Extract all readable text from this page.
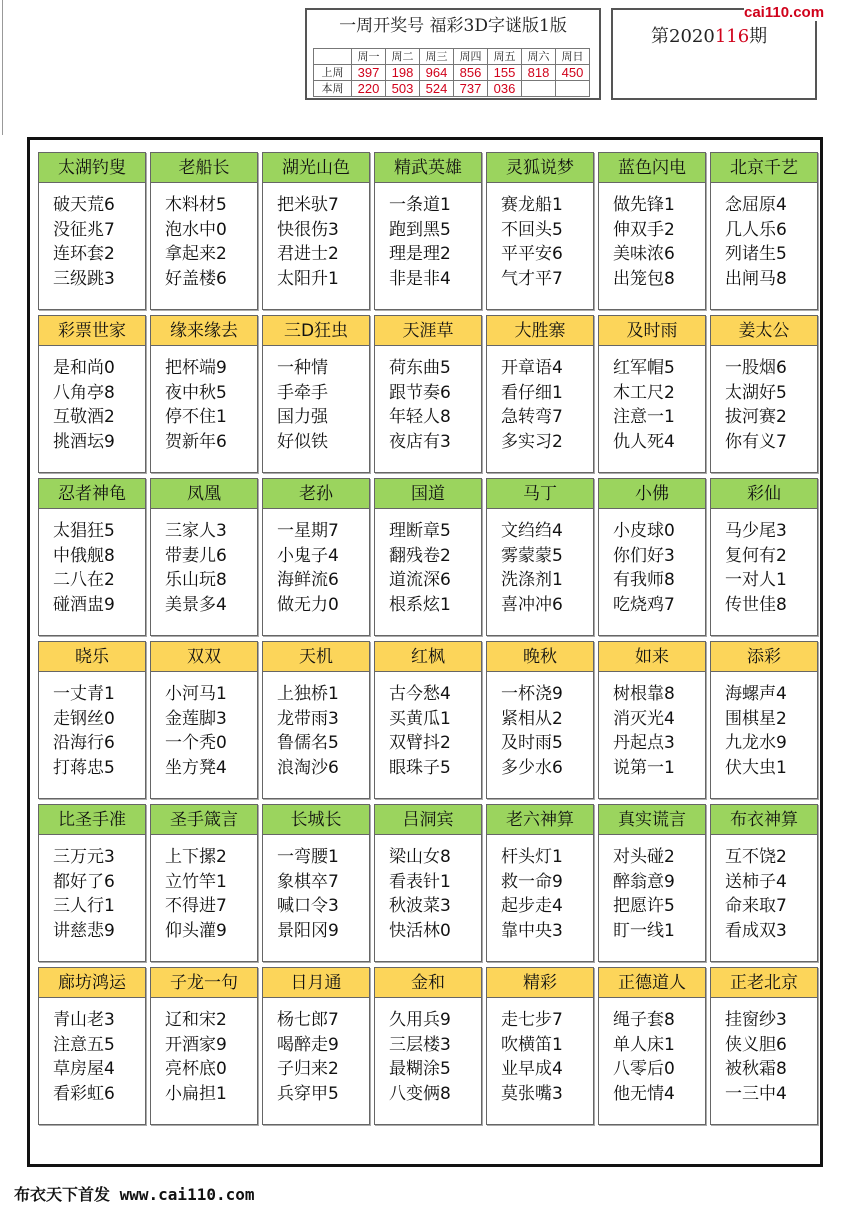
一周开奖号 福彩3D字谜版1版
周一	周二	周三	周四	周五	周六	周日
上周	397 198 964 856 155 818 450
本周	220 503 524 737 036
第2020116期
cai110.com
太湖钓叟
破天荒6
没征兆7
连环套2
三级跳3
老船长
木料材5
泡水中0
拿起来2
好盖楼6
湖光山色
把米驮7
快很伤3
君进士2
太阳升1
精武英雄
一条道1
跑到黑5
理是理2
非是非4
灵狐说梦
赛龙船1
不回头5
平平安6
气才平7
蓝色闪电
做先锋1
伸双手2
美味浓6
出笼包8
北京千艺
念屈原4
几人乐6
列诸生5
出闸马8
彩票世家
是和尚0
八角亭8
互敬酒2
挑酒坛9
缘来缘去
把杯端9
夜中秋5
停不住1
贺新年6
三D狂虫
一种情
手牵手
国力强
好似铁
天涯草
荷东曲5
跟节奏6
年轻人8
夜店有3
大胜寨
开章语4
看仔细1
急转弯7
多实习2
及时雨
红军帽5
木工尺2
注意一1
仇人死4
姜太公
一股烟6
太湖好5
拔河赛2
你有义7
忍者神龟
太猖狂5
中俄舰8
二八在2
碰酒盅9
凤凰
三家人3
带妻儿6
乐山玩8
美景多4
老孙
一星期7
小鬼子4
海鲜流6
做无力0
国道
理断章5
翻残卷2
道流深6
根系炫1
马丁
文绉绉4
雾蒙蒙5
洗涤剂1
喜冲冲6
小佛
小皮球0
你们好3
有我师8
吃烧鸡7
彩仙
马少尾3
复何有2
一对人1
传世佳8
晓乐
一丈青1
走钢丝0
沿海行6
打蒋忠5
双双
小河马1
金莲脚3
一个秃0
坐方凳4
天机
上独桥1
龙带雨3
鲁儒名5
浪淘沙6
红枫
古今愁4
买黄瓜1
双臂抖2
眼珠子5
晚秋
一杯浇9
紧相从2
及时雨5
多少水6
如来
树根靠8
消灭光4
丹起点3
说第一1
添彩
海螺声4
围棋星2
九龙水9
伏大虫1
比圣手准
三万元3
都好了6
三人行1
讲慈悲9
圣手箴言
上下摞2
立竹竿1
不得进7
仰头灌9
长城长
一弯腰1
象棋卒7
喊口令3
景阳冈9
吕洞宾
梁山女8
看表针1
秋波菜3
快活林0
老六神算
杆头灯1
救一命9
起步走4
靠中央3
真实谎言
对头碰2
醉翁意9
把愿许5
盯一线1
布衣神算
互不饶2
送柿子4
命来取7
看成双3
廊坊鸿运
青山老3
注意五5
草房屋4
看彩虹6
子龙一句
辽和宋2
开酒家9
亮杯底0
小扁担1
日月通
杨七郎7
喝醉走9
子归来2
兵穿甲5
金和
久用兵9
三层楼3
最糊涂5
八变俩8
精彩
走七步7
吹横笛1
业早成4
莫张嘴3
正德道人
绳子套8
单人床1
八零后0
他无情4
正老北京
挂窗纱3
侠义胆6
被秋霜8
一三中4
布衣天下首发 www.cai110.com
